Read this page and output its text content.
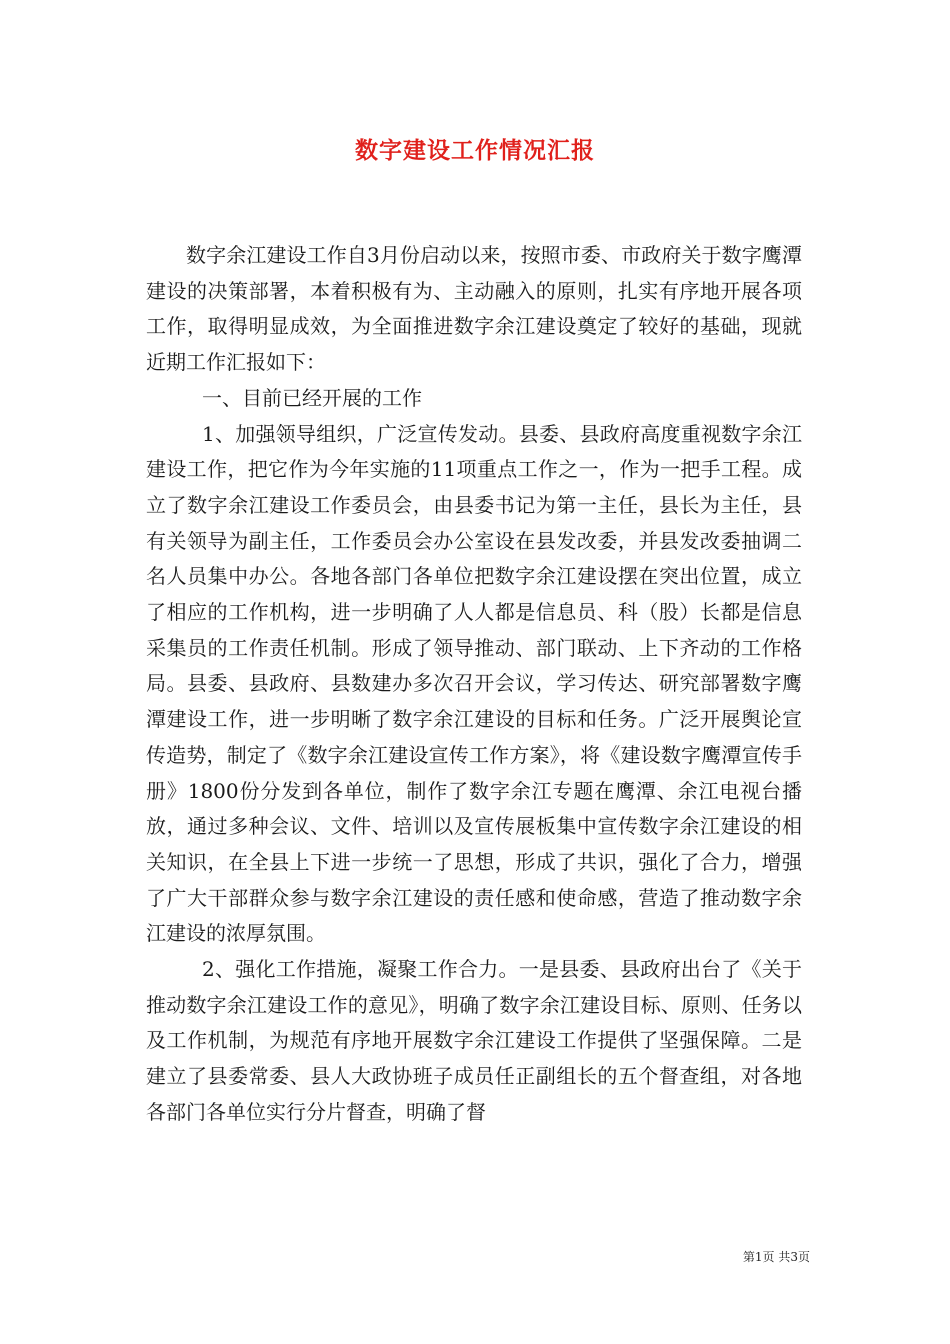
数字建设工作情况汇报

数字余江建设工作自3月份启动以来，按照市委、市政府关于数字鹰潭建设的决策部署，本着积极有为、主动融入的原则，扎实有序地开展各项工作，取得明显成效，为全面推进数字余江建设奠定了较好的基础，现就近期工作汇报如下：

一、目前已经开展的工作

1、加强领导组织，广泛宣传发动。县委、县政府高度重视数字余江建设工作，把它作为今年实施的11项重点工作之一，作为一把手工程。成立了数字余江建设工作委员会，由县委书记为第一主任，县长为主任，县有关领导为副主任，工作委员会办公室设在县发改委，并县发改委抽调二名人员集中办公。各地各部门各单位把数字余江建设摆在突出位置，成立了相应的工作机构，进一步明确了人人都是信息员、科（股）长都是信息采集员的工作责任机制。形成了领导推动、部门联动、上下齐动的工作格局。县委、县政府、县数建办多次召开会议，学习传达、研究部署数字鹰潭建设工作，进一步明晰了数字余江建设的目标和任务。广泛开展舆论宣传造势，制定了《数字余江建设宣传工作方案》，将《建设数字鹰潭宣传手册》1800份分发到各单位，制作了数字余江专题在鹰潭、余江电视台播放，通过多种会议、文件、培训以及宣传展板集中宣传数字余江建设的相关知识，在全县上下进一步统一了思想，形成了共识，强化了合力，增强了广大干部群众参与数字余江建设的责任感和使命感，营造了推动数字余江建设的浓厚氛围。

2、强化工作措施，凝聚工作合力。一是县委、县政府出台了《关于推动数字余江建设工作的意见》，明确了数字余江建设目标、原则、任务以及工作机制，为规范有序地开展数字余江建设工作提供了坚强保障。二是建立了县委常委、县人大政协班子成员任正副组长的五个督查组，对各地各部门各单位实行分片督查，明确了督

第1页 共3页
